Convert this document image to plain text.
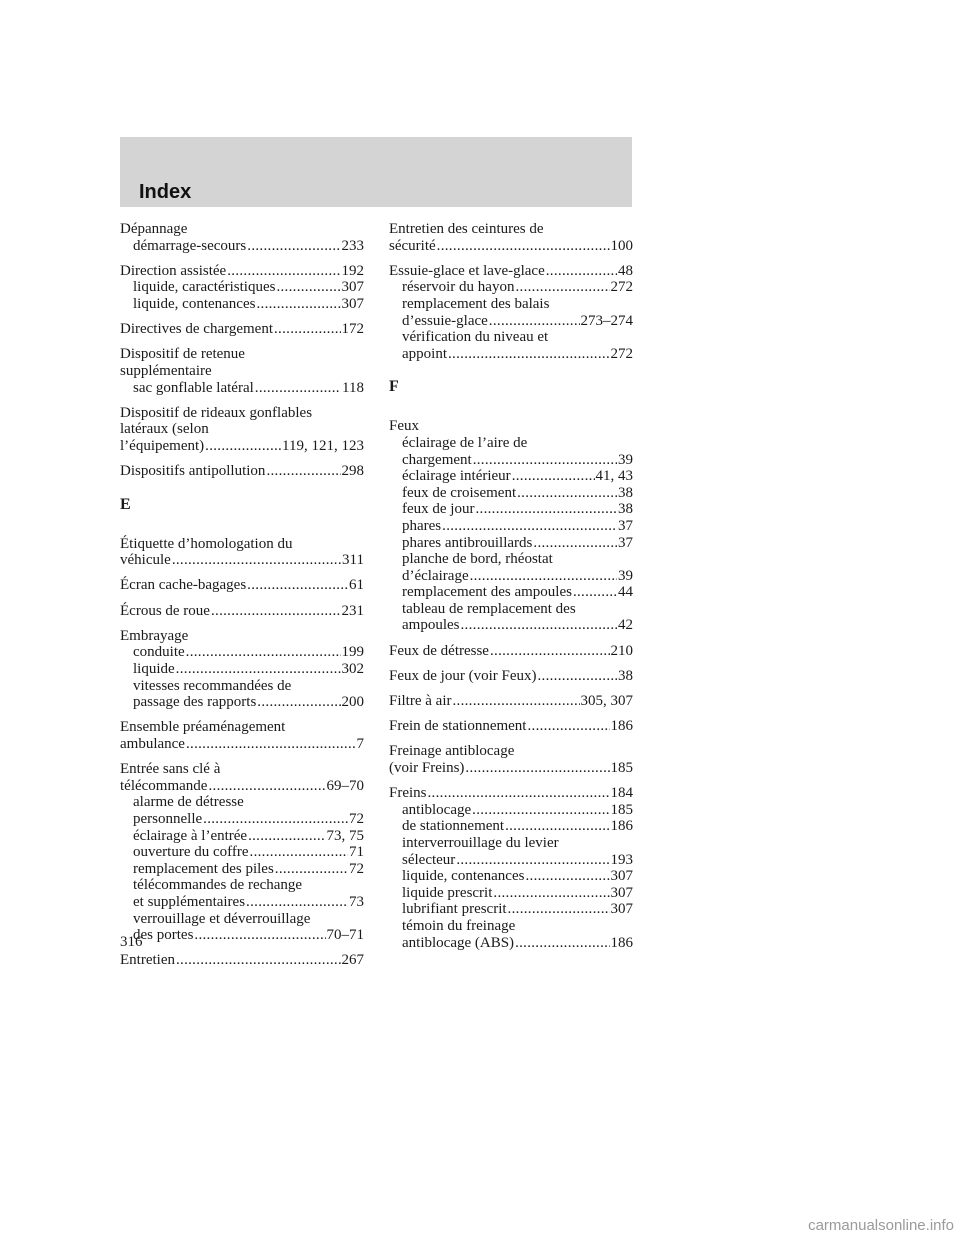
Index
Dépannage
démarrage-secours .....	233
Direction assistée .....	192
liquide, caractéristiques .....	307
liquide, contenances .....	307
Directives de chargement .....	172
Dispositif de retenue
supplémentaire
sac gonflable latéral .....	118
Dispositif de rideaux gonflables
latéraux (selon
l’équipement) .....	119, 121, 123
Dispositifs antipollution .....	298
E
Étiquette d’homologation du
véhicule .....	311
Écran cache-bagages .....	61
Écrous de roue .....	231
Embrayage
conduite .....	199
liquide .....	302
vitesses recommandées de
passage des rapports .....	200
Ensemble préaménagement
ambulance .....	7
Entrée sans clé à
télécommande .....	69–70
alarme de détresse
personnelle .....	72
éclairage à l’entrée .....	73, 75
ouverture du coffre .....	71
remplacement des piles .....	72
télécommandes de rechange
et supplémentaires .....	73
verrouillage et déverrouillage
des portes .....	70–71
Entretien .....	267
Entretien des ceintures de
sécurité .....	100
Essuie-glace et lave-glace .....	48
réservoir du hayon .....	272
remplacement des balais
d’essuie-glace .....	273–274
vérification du niveau et
appoint .....	272
F
Feux
éclairage de l’aire de
chargement .....	39
éclairage intérieur .....	41, 43
feux de croisement .....	38
feux de jour .....	38
phares .....	37
phares antibrouillards .....	37
planche de bord, rhéostat
d’éclairage .....	39
remplacement des ampoules .....	44
tableau de remplacement des
ampoules .....	42
Feux de détresse .....	210
Feux de jour (voir Feux) .....	38
Filtre à air .....	305, 307
Frein de stationnement .....	186
Freinage antiblocage
(voir Freins) .....	185
Freins .....	184
antiblocage .....	185
de stationnement .....	186
interverrouillage du levier
sélecteur .....	193
liquide, contenances .....	307
liquide prescrit .....	307
lubrifiant prescrit .....	307
témoin du freinage
antiblocage (ABS) .....	186
316
carmanualsonline.info
